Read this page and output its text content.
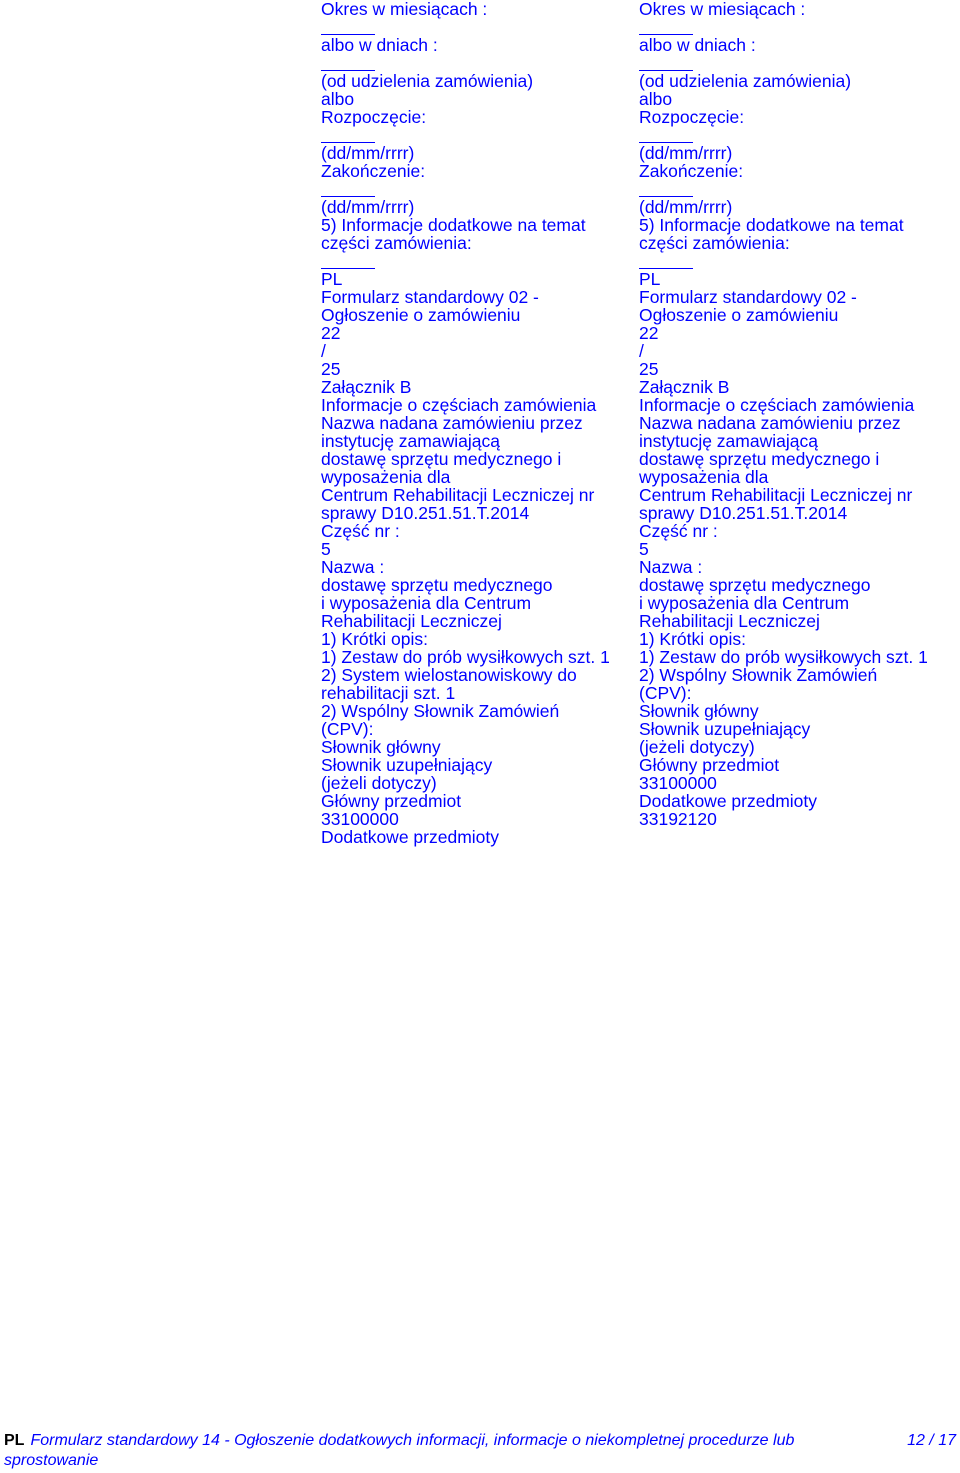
Okres w miesiącach :
albo w dniach :
(od udzielenia zamówienia)
albo
Rozpoczęcie:
(dd/mm/rrrr)
Zakończenie:
(dd/mm/rrrr)
5) Informacje dodatkowe na temat
części zamówienia:
PL
Formularz standardowy 02 -
Ogłoszenie o zamówieniu
22
/
25
Załącznik B
Informacje o częściach zamówienia
Nazwa nadana zamówieniu przez
instytucję zamawiającą
dostawę sprzętu medycznego i
wyposażenia dla
Centrum Rehabilitacji Leczniczej nr
sprawy D10.251.51.T.2014
Część nr :
5
Nazwa :
dostawę sprzętu medycznego
i wyposażenia dla Centrum
Rehabilitacji Leczniczej
1) Krótki opis:
1) Zestaw do prób wysiłkowych szt. 1
2) System wielostanowiskowy do
rehabilitacji szt. 1
2) Wspólny Słownik Zamówień
(CPV):
Słownik główny
Słownik uzupełniający
(jeżeli dotyczy)
Główny przedmiot
33100000
Dodatkowe przedmioty
Okres w miesiącach :
albo w dniach :
(od udzielenia zamówienia)
albo
Rozpoczęcie:
(dd/mm/rrrr)
Zakończenie:
(dd/mm/rrrr)
5) Informacje dodatkowe na temat
części zamówienia:
PL
Formularz standardowy 02 -
Ogłoszenie o zamówieniu
22
/
25
Załącznik B
Informacje o częściach zamówienia
Nazwa nadana zamówieniu przez
instytucję zamawiającą
dostawę sprzętu medycznego i
wyposażenia dla
Centrum Rehabilitacji Leczniczej nr
sprawy D10.251.51.T.2014
Część nr :
5
Nazwa :
dostawę sprzętu medycznego
i wyposażenia dla Centrum
Rehabilitacji Leczniczej
1) Krótki opis:
1) Zestaw do prób wysiłkowych szt. 1
2) Wspólny Słownik Zamówień
(CPV):
Słownik główny
Słownik uzupełniający
(jeżeli dotyczy)
Główny przedmiot
33100000
Dodatkowe przedmioty
33192120
PL Formularz standardowy 14 - Ogłoszenie dodatkowych informacji, informacje o niekompletnej procedurze lub	12 / 17
sprostowanie
